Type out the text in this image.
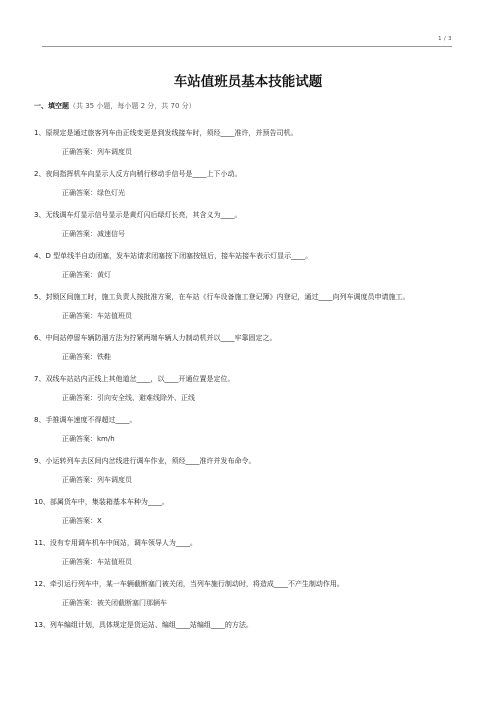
1 / 3
车站值班员基本技能试题
一、填空题（共 35 小题，每小题 2 分，共 70 分）
1、原规定是通过旅客列车由正线变更是到发线接车时，须经____准许，并预告司机。
正确答案：列车调度员
2、夜间指挥机车向显示人反方向稍行移动手信号是____上下小动。
正确答案：绿色灯光
3、无线调车灯显示信号显示是黄灯闪后绿灯长亮，其含义为____。
正确答案：减速信号
4、D 型单线半自动闭塞，发车站请求闭塞按下闭塞按钮后，接车站接车表示灯显示____。
正确答案：黄灯
5、封锁区间施工时，施工负责人按批准方案，在车站《行车设备施工登记簿》内登记，通过____向列车调度员申请施工。
正确答案：车站值班员
6、中间站停留车辆防溜方法为拧紧两端车辆人力制动机并以____牢靠固定之。
正确答案：铁鞋
7、双线车站站内正线上其他道岔____，以____开通位置是定位。
正确答案：引向安全线、避难线除外、正线
8、手推调车速度不得超过____。
正确答案：km/h
9、小运转列车去区间内岔线进行调车作业，须经____准许并发布命令。
正确答案：列车调度员
10、部属货车中，集装箱基本车种为____。
正确答案：X
11、没有专用调车机车中间站，调车领导人为____。
正确答案：车站值班员
12、牵引运行列车中，某一车辆截断塞门被关闭，当列车施行制动时，将造成____不产生制动作用。
正确答案：被关闭截断塞门那辆车
13、列车编组计划，具体规定是货运站、编组____站编组____的方法。
